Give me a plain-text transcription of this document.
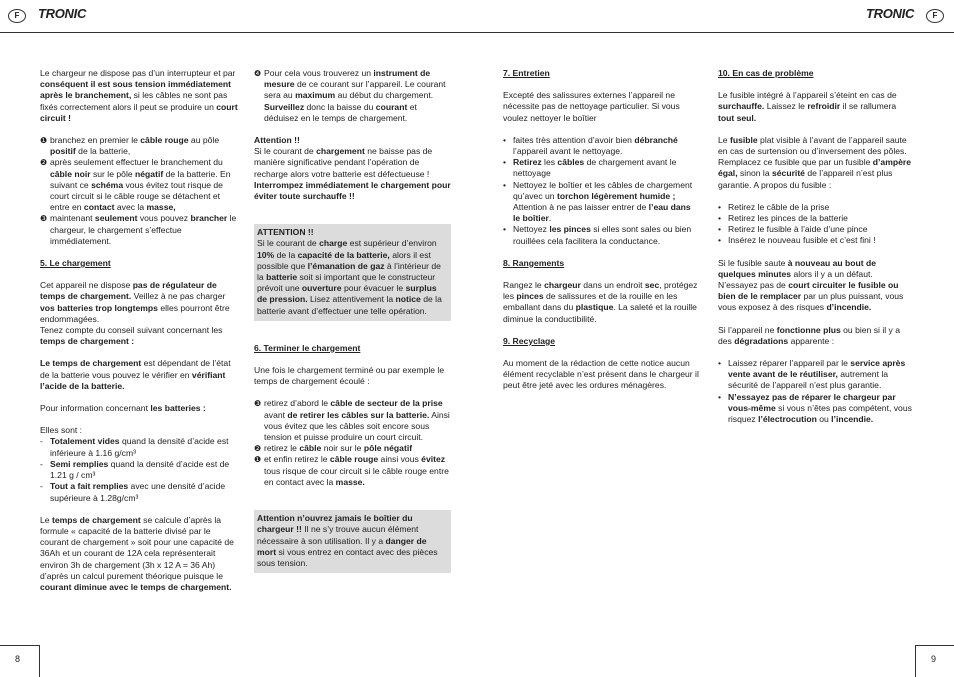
F	TRONIC	TRONIC	F

Le chargeur ne dispose pas d’un interrupteur et par conséquent il est sous tension immédiatement après le branchement, si les câbles ne sont pas fixés correctement alors il peut se produire un court circuit !

❶ branchez en premier le câble rouge au pôle positif de la batterie,
❷ après seulement effectuer le branchement du câble noir sur le pôle négatif de la batterie. En suivant ce schéma vous évitez tout risque de court circuit si le câble rouge se détachent et entre en contact avec la masse,
❸ maintenant seulement vous pouvez brancher le chargeur, le chargement s’effectue immédiatement.
5. Le chargement

Cet appareil ne dispose pas de régulateur de temps de chargement. Veillez à ne pas charger vos batteries trop longtemps elles pourront être endommagées.

Tenez compte du conseil suivant concernant les temps de chargement :

Le temps de chargement est dépendant de l’état de la batterie vous pouvez le vérifier en vérifiant l’acide de la batterie.

Pour information concernant les batteries :

Elles sont :

- Totalement vides quand la densité d’acide est inférieure à 1.16 g/cm³
- Semi remplies quand la densité d’acide est de 1.21 g / cm³
- Tout a fait remplies avec une densité d’acide supérieure à 1.28g/cm³

Le temps de chargement se calcule d’après la formule « capacité de la batterie divisé par le courant de chargement » soit pour une capacité de 36Ah et un courant de 12A cela représenterait environ 3h de chargement (3h x 12 A = 36 Ah) d’après un calcul purement théorique puisque le courant diminue avec le temps de chargement.

❹ Pour cela vous trouverez un instrument de mesure de ce courant sur l’appareil. Le courant sera au maximum au début du chargement. Surveillez donc la baisse du courant et déduisez en le temps de chargement.
Attention !!

Si le courant de chargement ne baisse pas de manière significative pendant l’opération de recharge alors votre batterie est défectueuse ! Interrompez immédiatement le chargement pour éviter toute surchauffe !!

ATTENTION !!
Si le courant de charge est supérieur d’environ 10% de la capacité de la batterie, alors il est possible que l’émanation de gaz à l’intérieur de la batterie soit si important que le constructeur prévoit une ouverture pour évacuer le surplus de pression. Lisez attentivement la notice de la batterie avant d’effectuer une telle opération.
6. Terminer le chargement

Une fois le chargement terminé ou par exemple le temps de chargement écoulé :

❸ retirez d’abord le câble de secteur de la prise avant de retirer les câbles sur la batterie. Ainsi vous évitez que les câbles soit encore sous tension et puisse produire un court circuit.
❷ retirez le câble noir sur le pôle négatif
❶ et enfin retirez le câble rouge ainsi vous évitez tous risque de cour circuit si le câble rouge entre en contact avec la masse.
Attention n’ouvrez jamais le boîtier du chargeur !! Il ne s’y trouve aucun élément nécessaire à son utilisation. Il y a danger de mort si vous entrez en contact avec des pièces sous tension.
7. Entretien

Excepté des salissures externes l’appareil ne nécessite pas de nettoyage particulier. Si vous voulez nettoyer le boîtier

• faites très attention d’avoir bien débranché l’appareil avant le nettoyage.
• Retirez les câbles de chargement avant le nettoyage
• Nettoyez le boîtier et les câbles de chargement qu’avec un torchon légèrement humide ; Attention à ne pas laisser entrer de l’eau dans le boîtier.
• Nettoyez les pinces si elles sont sales ou bien rouillées cela facilitera la conductance.
8. Rangements

Rangez le chargeur dans un endroit sec, protégez les pinces de salissures et de la rouille en les emballant dans du plastique. La saleté et la rouille diminue la conductibilité.

9. Recyclage

Au moment de la rédaction de cette notice aucun élément recyclable n’est présent dans le chargeur il peut être jeté avec les ordures ménagères.

10. En cas de problème

Le fusible intégré à l’appareil s’éteint en cas de surchauffe. Laissez le refroidir il se rallumera tout seul.

Le fusible plat visible à l’avant de l’appareil saute en cas de surtension ou d’inversement des pôles. Remplacez ce fusible que par un fusible d’ampère égal, sinon la sécurité de l’appareil n’est plus garantie. A propos du fusible :

• Retirez le câble de la prise
• Retirez les pinces de la batterie
• Retirez le fusible à l’aide d’une pince
• Insérez le nouveau fusible et c’est fini !

Si le fusible saute à nouveau au bout de quelques minutes alors il y a un défaut. N’essayez pas de court circuiter le fusible ou bien de le remplacer par un plus puissant, vous vous exposez à des risques d’incendie.

Si l’appareil ne fonctionne plus ou bien si il y a des dégradations apparente :

• Laissez réparer l’appareil par le service après vente avant de le réutiliser, autrement la sécurité de l’appareil n’est plus garantie.
• N’essayez pas de réparer le chargeur par vous-même si vous n’êtes pas compétent, vous risquez l’électrocution ou l’incendie.
8	9
